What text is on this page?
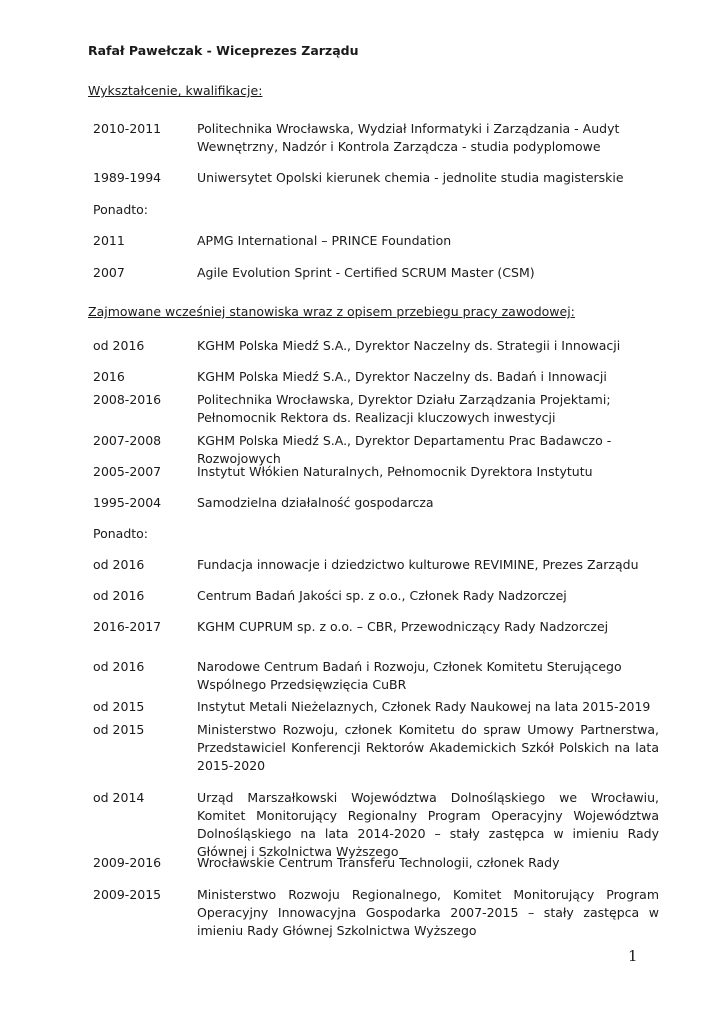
Rafał Pawełczak - Wiceprezes Zarządu
Wykształcenie, kwalifikacje:
2010-2011	Politechnika Wrocławska, Wydział Informatyki i Zarządzania - Audyt Wewnętrzny, Nadzór i Kontrola Zarządcza - studia podyplomowe
1989-1994	Uniwersytet Opolski kierunek chemia - jednolite studia magisterskie
Ponadto:
2011	APMG International – PRINCE Foundation
2007	Agile Evolution Sprint - Certified SCRUM Master (CSM)
Zajmowane wcześniej stanowiska wraz z opisem przebiegu pracy zawodowej:
od 2016	KGHM Polska Miedź S.A., Dyrektor Naczelny ds. Strategii i Innowacji
2016	KGHM Polska Miedź S.A., Dyrektor Naczelny ds. Badań i Innowacji
2008-2016	Politechnika Wrocławska, Dyrektor Działu Zarządzania Projektami; Pełnomocnik Rektora ds. Realizacji kluczowych inwestycji
2007-2008	KGHM Polska Miedź S.A., Dyrektor Departamentu Prac Badawczo - Rozwojowych
2005-2007	Instytut Włókien Naturalnych, Pełnomocnik Dyrektora Instytutu
1995-2004	Samodzielna działalność gospodarcza
Ponadto:
od 2016	Fundacja innowacje i dziedzictwo kulturowe REVIMINE, Prezes Zarządu
od 2016	Centrum Badań Jakości sp. z o.o., Członek Rady Nadzorczej
2016-2017	KGHM CUPRUM sp. z o.o. – CBR, Przewodniczący Rady Nadzorczej
od 2016	Narodowe Centrum Badań i Rozwoju, Członek Komitetu Sterującego Wspólnego Przedsięwzięcia CuBR
od 2015	Instytut Metali Nieżelaznych, Członek Rady Naukowej na lata 2015-2019
od 2015	Ministerstwo Rozwoju, członek Komitetu do spraw Umowy Partnerstwa, Przedstawiciel Konferencji Rektorów Akademickich Szkół Polskich na lata 2015-2020
od 2014	Urząd Marszałkowski Województwa Dolnośląskiego we Wrocławiu, Komitet Monitorujący Regionalny Program Operacyjny Województwa Dolnośląskiego na lata 2014-2020 – stały zastępca w imieniu Rady Głównej i Szkolnictwa Wyższego
2009-2016	Wrocławskie Centrum Transferu Technologii, członek Rady
2009-2015	Ministerstwo Rozwoju Regionalnego, Komitet Monitorujący Program Operacyjny Innowacyjna Gospodarka 2007-2015 – stały zastępca w imieniu Rady Głównej Szkolnictwa Wyższego
1
